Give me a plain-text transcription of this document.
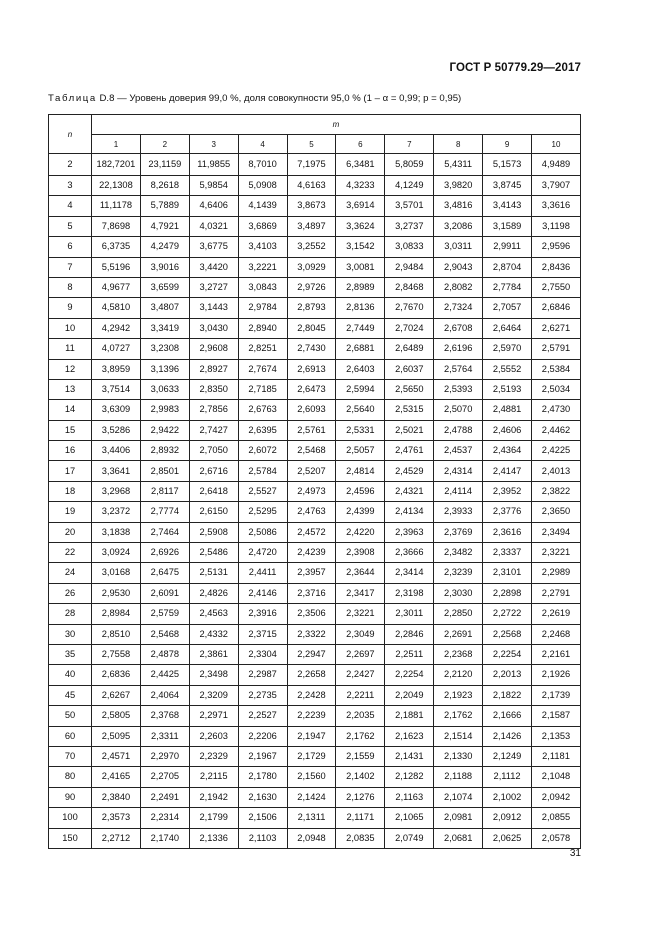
ГОСТ Р 50779.29—2017
Таблица D.8 — Уровень доверия 99,0 %, доля совокупности 95,0 % (1 – α = 0,99; p = 0,95)
n	m									
	1	2	3	4	5	6	7	8	9	10
2	182,7201	23,1159	11,9855	8,7010	7,1975	6,3481	5,8059	5,4311	5,1573	4,9489
3	22,1308	8,2618	5,9854	5,0908	4,6163	4,3233	4,1249	3,9820	3,8745	3,7907
4	11,1178	5,7889	4,6406	4,1439	3,8673	3,6914	3,5701	3,4816	3,4143	3,3616
5	7,8698	4,7921	4,0321	3,6869	3,4897	3,3624	3,2737	3,2086	3,1589	3,1198
6	6,3735	4,2479	3,6775	3,4103	3,2552	3,1542	3,0833	3,0311	2,9911	2,9596
7	5,5196	3,9016	3,4420	3,2221	3,0929	3,0081	2,9484	2,9043	2,8704	2,8436
8	4,9677	3,6599	3,2727	3,0843	2,9726	2,8989	2,8468	2,8082	2,7784	2,7550
9	4,5810	3,4807	3,1443	2,9784	2,8793	2,8136	2,7670	2,7324	2,7057	2,6846
10	4,2942	3,3419	3,0430	2,8940	2,8045	2,7449	2,7024	2,6708	2,6464	2,6271
11	4,0727	3,2308	2,9608	2,8251	2,7430	2,6881	2,6489	2,6196	2,5970	2,5791
12	3,8959	3,1396	2,8927	2,7674	2,6913	2,6403	2,6037	2,5764	2,5552	2,5384
13	3,7514	3,0633	2,8350	2,7185	2,6473	2,5994	2,5650	2,5393	2,5193	2,5034
14	3,6309	2,9983	2,7856	2,6763	2,6093	2,5640	2,5315	2,5070	2,4881	2,4730
15	3,5286	2,9422	2,7427	2,6395	2,5761	2,5331	2,5021	2,4788	2,4606	2,4462
16	3,4406	2,8932	2,7050	2,6072	2,5468	2,5057	2,4761	2,4537	2,4364	2,4225
17	3,3641	2,8501	2,6716	2,5784	2,5207	2,4814	2,4529	2,4314	2,4147	2,4013
18	3,2968	2,8117	2,6418	2,5527	2,4973	2,4596	2,4321	2,4114	2,3952	2,3822
19	3,2372	2,7774	2,6150	2,5295	2,4763	2,4399	2,4134	2,3933	2,3776	2,3650
20	3,1838	2,7464	2,5908	2,5086	2,4572	2,4220	2,3963	2,3769	2,3616	2,3494
22	3,0924	2,6926	2,5486	2,4720	2,4239	2,3908	2,3666	2,3482	2,3337	2,3221
24	3,0168	2,6475	2,5131	2,4411	2,3957	2,3644	2,3414	2,3239	2,3101	2,2989
26	2,9530	2,6091	2,4826	2,4146	2,3716	2,3417	2,3198	2,3030	2,2898	2,2791
28	2,8984	2,5759	2,4563	2,3916	2,3506	2,3221	2,3011	2,2850	2,2722	2,2619
30	2,8510	2,5468	2,4332	2,3715	2,3322	2,3049	2,2846	2,2691	2,2568	2,2468
35	2,7558	2,4878	2,3861	2,3304	2,2947	2,2697	2,2511	2,2368	2,2254	2,2161
40	2,6836	2,4425	2,3498	2,2987	2,2658	2,2427	2,2254	2,2120	2,2013	2,1926
45	2,6267	2,4064	2,3209	2,2735	2,2428	2,2211	2,2049	2,1923	2,1822	2,1739
50	2,5805	2,3768	2,2971	2,2527	2,2239	2,2035	2,1881	2,1762	2,1666	2,1587
60	2,5095	2,3311	2,2603	2,2206	2,1947	2,1762	2,1623	2,1514	2,1426	2,1353
70	2,4571	2,2970	2,2329	2,1967	2,1729	2,1559	2,1431	2,1330	2,1249	2,1181
80	2,4165	2,2705	2,2115	2,1780	2,1560	2,1402	2,1282	2,1188	2,1112	2,1048
90	2,3840	2,2491	2,1942	2,1630	2,1424	2,1276	2,1163	2,1074	2,1002	2,0942
100	2,3573	2,2314	2,1799	2,1506	2,1311	2,1171	2,1065	2,0981	2,0912	2,0855
150	2,2712	2,1740	2,1336	2,1103	2,0948	2,0835	2,0749	2,0681	2,0625	2,0578
31
